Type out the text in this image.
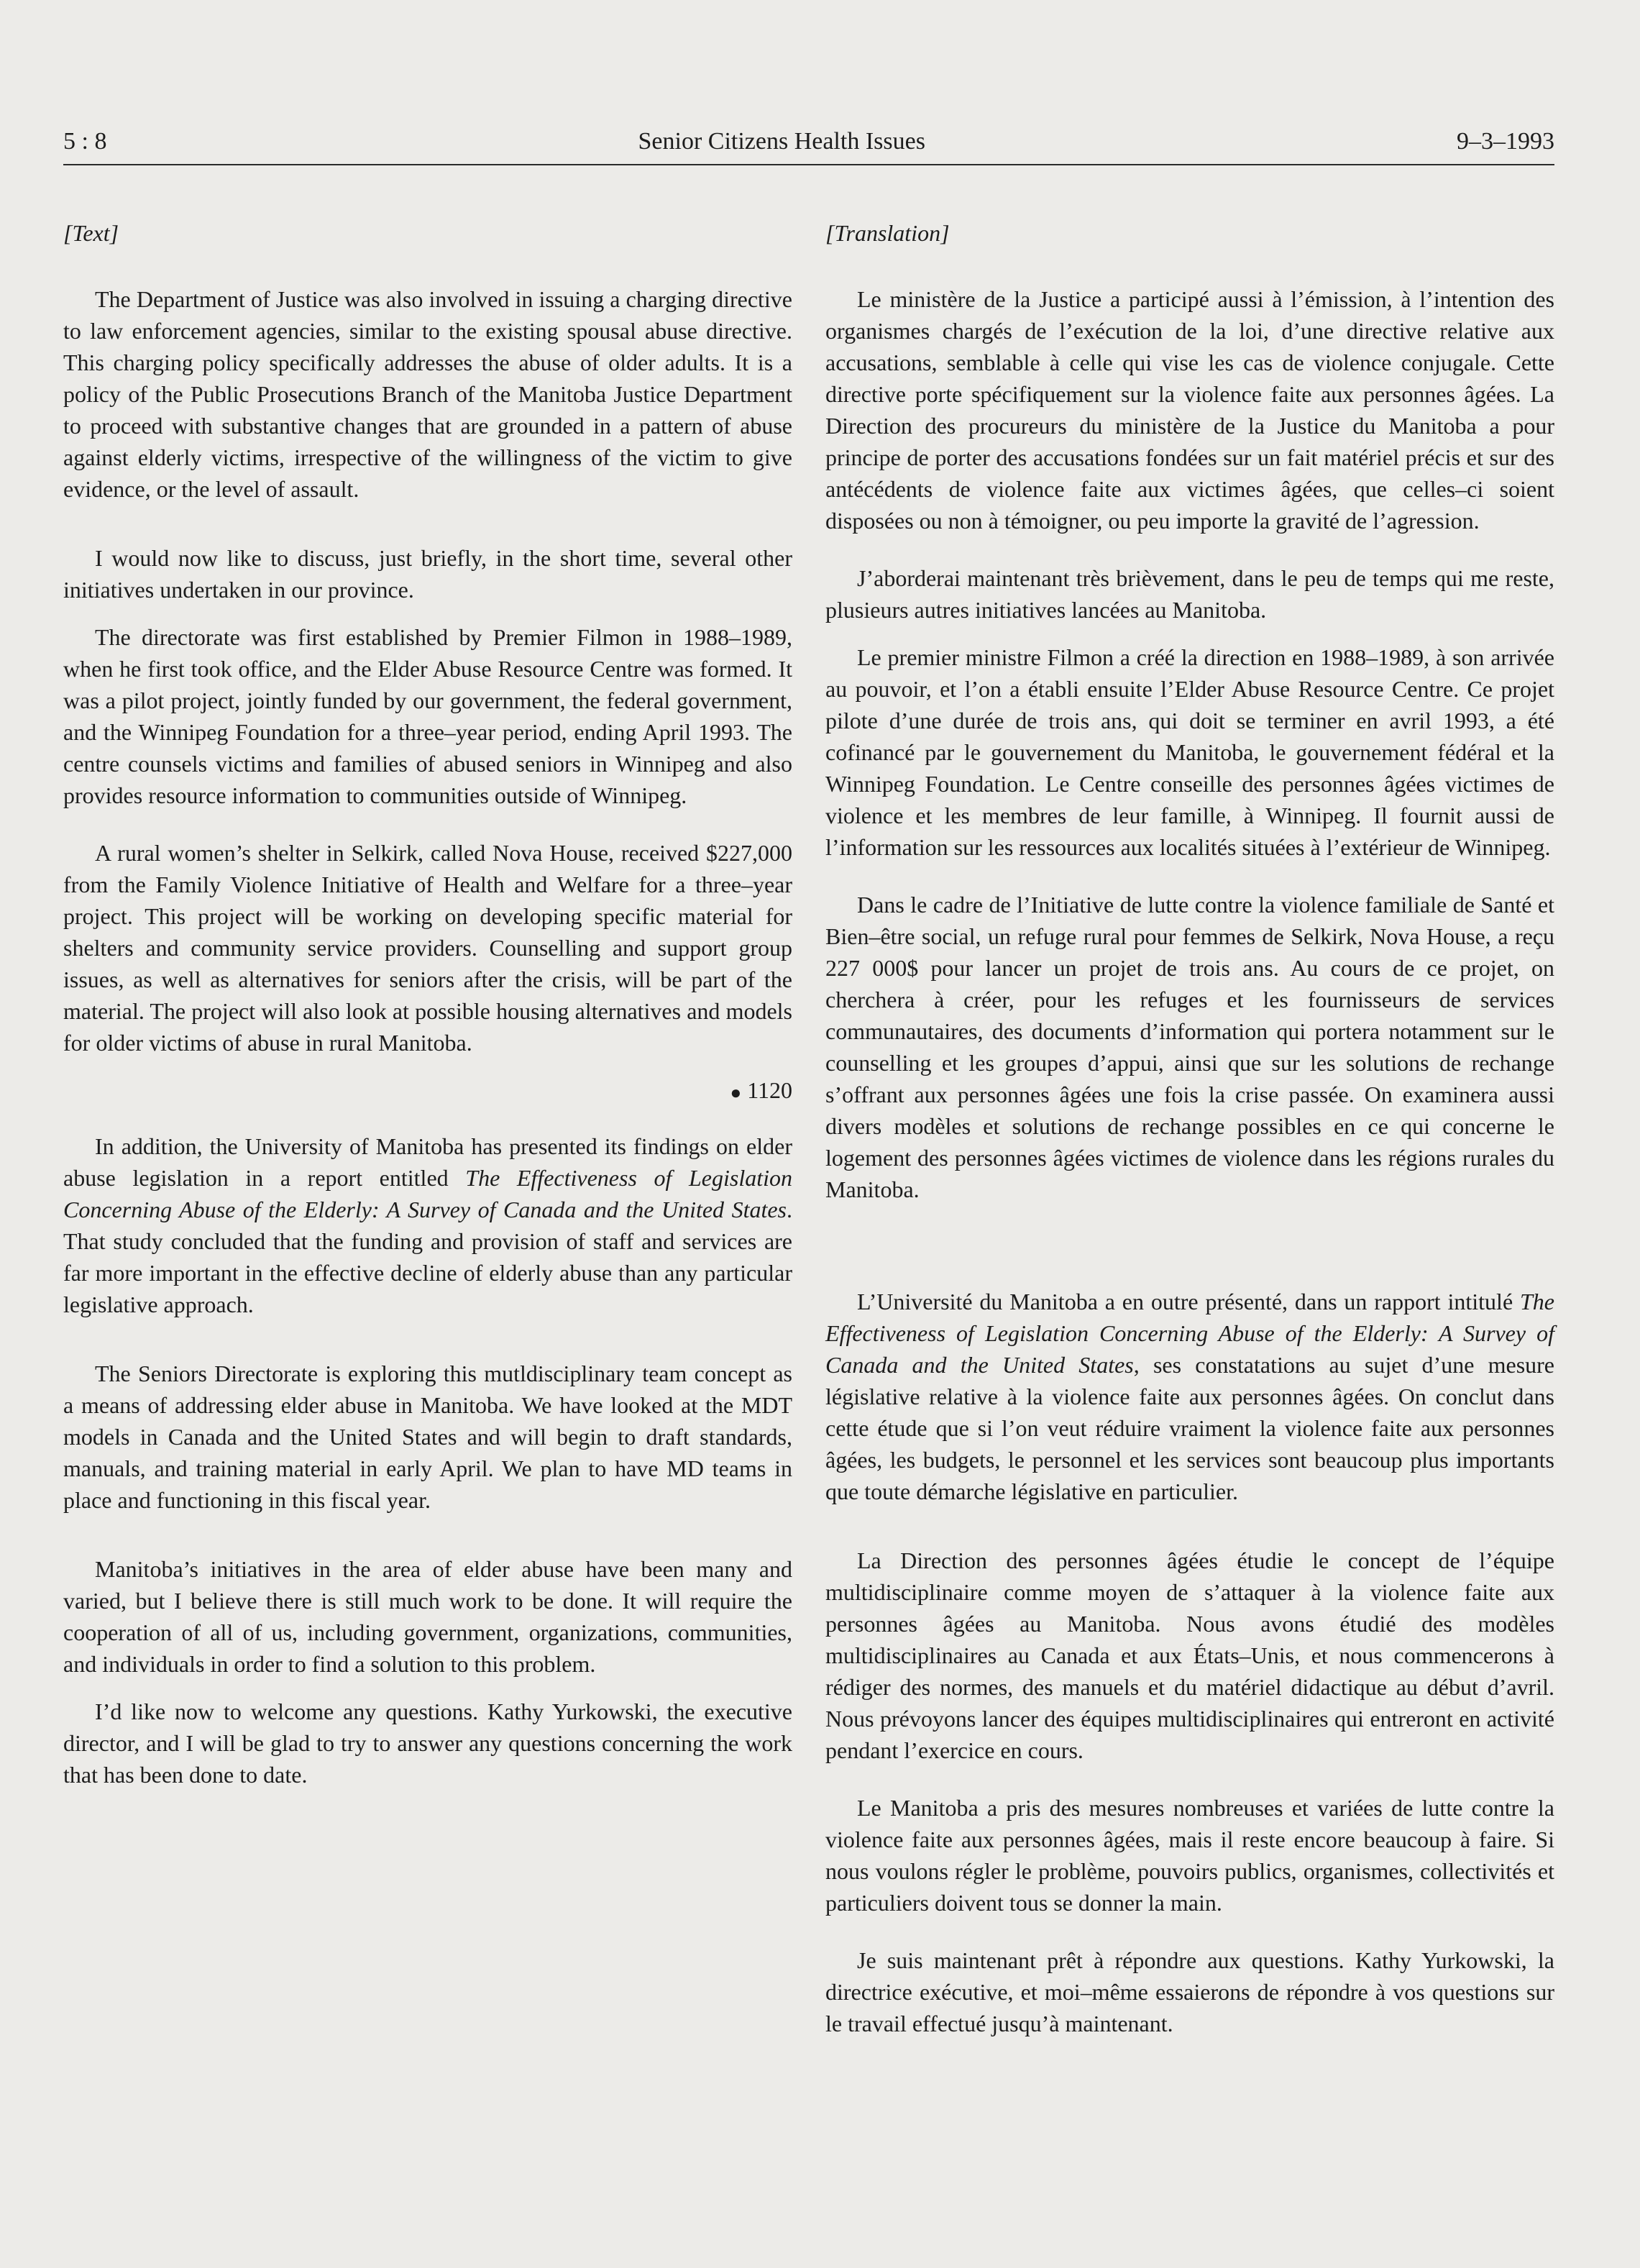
5 : 8	Senior Citizens Health Issues	9–3–1993
[Text]

The Department of Justice was also involved in issuing a charging directive to law enforcement agencies, similar to the existing spousal abuse directive. This charging policy specifically addresses the abuse of older adults. It is a policy of the Public Prosecutions Branch of the Manitoba Justice Department to proceed with substantive changes that are grounded in a pattern of abuse against elderly victims, irrespective of the willingness of the victim to give evidence, or the level of assault.

I would now like to discuss, just briefly, in the short time, several other initiatives undertaken in our province.

The directorate was first established by Premier Filmon in 1988–1989, when he first took office, and the Elder Abuse Resource Centre was formed. It was a pilot project, jointly funded by our government, the federal government, and the Winnipeg Foundation for a three–year period, ending April 1993. The centre counsels victims and families of abused seniors in Winnipeg and also provides resource information to communities outside of Winnipeg.

A rural women’s shelter in Selkirk, called Nova House, received $227,000 from the Family Violence Initiative of Health and Welfare for a three–year project. This project will be working on developing specific material for shelters and community service providers. Counselling and support group issues, as well as alternatives for seniors after the crisis, will be part of the material. The project will also look at possible housing alternatives and models for older victims of abuse in rural Manitoba.

● 1120

In addition, the University of Manitoba has presented its findings on elder abuse legislation in a report entitled The Effectiveness of Legislation Concerning Abuse of the Elderly: A Survey of Canada and the United States. That study concluded that the funding and provision of staff and services are far more important in the effective decline of elderly abuse than any particular legislative approach.

The Seniors Directorate is exploring this mutldisciplinary team concept as a means of addressing elder abuse in Manitoba. We have looked at the MDT models in Canada and the United States and will begin to draft standards, manuals, and training material in early April. We plan to have MD teams in place and functioning in this fiscal year.

Manitoba’s initiatives in the area of elder abuse have been many and varied, but I believe there is still much work to be done. It will require the cooperation of all of us, including government, organizations, communities, and individuals in order to find a solution to this problem.

I’d like now to welcome any questions. Kathy Yurkowski, the executive director, and I will be glad to try to answer any questions concerning the work that has been done to date.

[Translation]

Le ministère de la Justice a participé aussi à l’émission, à l’intention des organismes chargés de l’exécution de la loi, d’une directive relative aux accusations, semblable à celle qui vise les cas de violence conjugale. Cette directive porte spécifiquement sur la violence faite aux personnes âgées. La Direction des procureurs du ministère de la Justice du Manitoba a pour principe de porter des accusations fondées sur un fait matériel précis et sur des antécédents de violence faite aux victimes âgées, que celles–ci soient disposées ou non à témoigner, ou peu importe la gravité de l’agression.

J’aborderai maintenant très brièvement, dans le peu de temps qui me reste, plusieurs autres initiatives lancées au Manitoba.

Le premier ministre Filmon a créé la direction en 1988–1989, à son arrivée au pouvoir, et l’on a établi ensuite l’Elder Abuse Resource Centre. Ce projet pilote d’une durée de trois ans, qui doit se terminer en avril 1993, a été cofinancé par le gouvernement du Manitoba, le gouvernement fédéral et la Winnipeg Foundation. Le Centre conseille des personnes âgées victimes de violence et les membres de leur famille, à Winnipeg. Il fournit aussi de l’information sur les ressources aux localités situées à l’extérieur de Winnipeg.

Dans le cadre de l’Initiative de lutte contre la violence familiale de Santé et Bien–être social, un refuge rural pour femmes de Selkirk, Nova House, a reçu 227 000$ pour lancer un projet de trois ans. Au cours de ce projet, on cherchera à créer, pour les refuges et les fournisseurs de services communautaires, des documents d’information qui portera notamment sur le counselling et les groupes d’appui, ainsi que sur les solutions de rechange s’offrant aux personnes âgées une fois la crise passée. On examinera aussi divers modèles et solutions de rechange possibles en ce qui concerne le logement des personnes âgées victimes de violence dans les régions rurales du Manitoba.

L’Université du Manitoba a en outre présenté, dans un rapport intitulé The Effectiveness of Legislation Concerning Abuse of the Elderly: A Survey of Canada and the United States, ses constatations au sujet d’une mesure législative relative à la violence faite aux personnes âgées. On conclut dans cette étude que si l’on veut réduire vraiment la violence faite aux personnes âgées, les budgets, le personnel et les services sont beaucoup plus importants que toute démarche législative en particulier.

La Direction des personnes âgées étudie le concept de l’équipe multidisciplinaire comme moyen de s’attaquer à la violence faite aux personnes âgées au Manitoba. Nous avons étudié des modèles multidisciplinaires au Canada et aux États–Unis, et nous commencerons à rédiger des normes, des manuels et du matériel didactique au début d’avril. Nous prévoyons lancer des équipes multidisciplinaires qui entreront en activité pendant l’exercice en cours.

Le Manitoba a pris des mesures nombreuses et variées de lutte contre la violence faite aux personnes âgées, mais il reste encore beaucoup à faire. Si nous voulons régler le problème, pouvoirs publics, organismes, collectivités et particuliers doivent tous se donner la main.

Je suis maintenant prêt à répondre aux questions. Kathy Yurkowski, la directrice exécutive, et moi–même essaierons de répondre à vos questions sur le travail effectué jusqu’à maintenant.
